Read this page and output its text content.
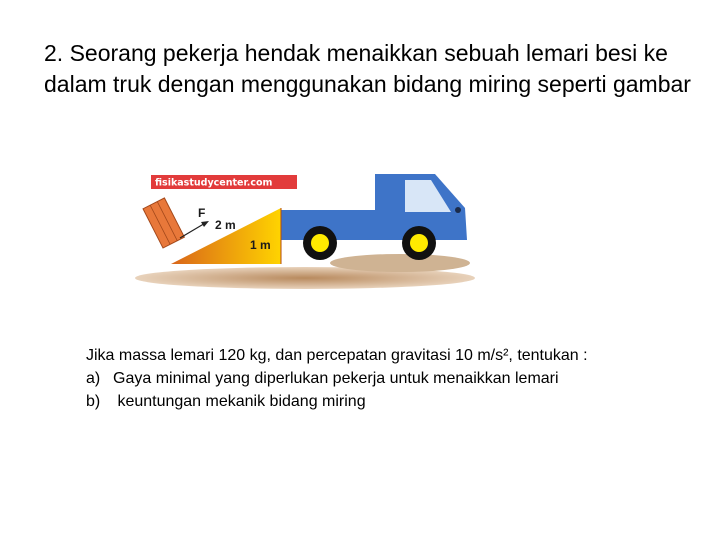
2. Seorang pekerja hendak menaikkan sebuah lemari besi ke dalam truk dengan menggunakan bidang miring seperti gambar
fisikastudycenter.com
F
2 m
1 m

Jika massa lemari 120 kg, dan percepatan gravitasi 10 m/s², tentukan :

a) Gaya minimal yang diperlukan pekerja untuk menaikkan lemari
b) keuntungan mekanik bidang miring
